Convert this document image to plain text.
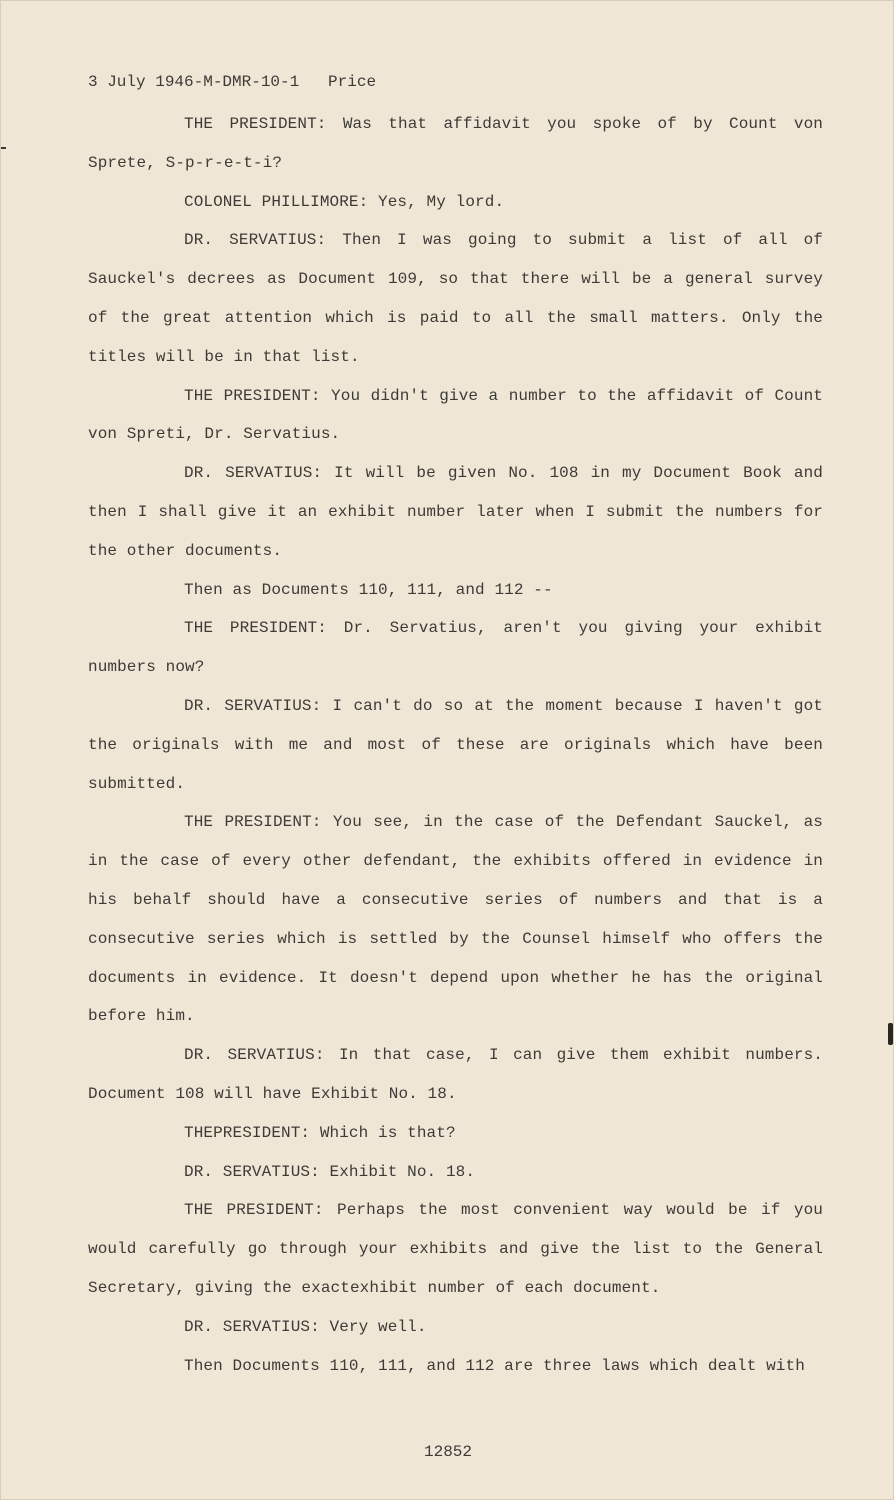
3 July 1946-M-DMR-10-1   Price

THE PRESIDENT: Was that affidavit you spoke of by Count von Sprete, S-p-r-e-t-i?

COLONEL PHILLIMORE: Yes, My lord.

DR. SERVATIUS: Then I was going to submit a list of all of Sauckel's decrees as Document 109, so that there will be a general survey of the great attention which is paid to all the small matters. Only the titles will be in that list.

THE PRESIDENT: You didn't give a number to the affidavit of Count von Spreti, Dr. Servatius.

DR. SERVATIUS: It will be given No. 108 in my Document Book and then I shall give it an exhibit number later when I submit the numbers for the other documents.

Then as Documents 110, 111, and 112 --

THE PRESIDENT: Dr. Servatius, aren't you giving your exhibit numbers now?

DR. SERVATIUS: I can't do so at the moment because I haven't got the originals with me and most of these are originals which have been submitted.

THE PRESIDENT: You see, in the case of the Defendant Sauckel, as in the case of every other defendant, the exhibits offered in evidence in his behalf should have a consecutive series of numbers and that is a consecutive series which is settled by the Counsel himself who offers the documents in evidence. It doesn't depend upon whether he has the original before him.

DR. SERVATIUS: In that case, I can give them exhibit numbers. Document 108 will have Exhibit No. 18.

THEPRESIDENT: Which is that?

DR. SERVATIUS: Exhibit No. 18.

THE PRESIDENT: Perhaps the most convenient way would be if you would carefully go through your exhibits and give the list to the General Secretary, giving the exactexhibit number of each document.

DR. SERVATIUS: Very well.

Then Documents 110, 111, and 112 are three laws which dealt with

12852
